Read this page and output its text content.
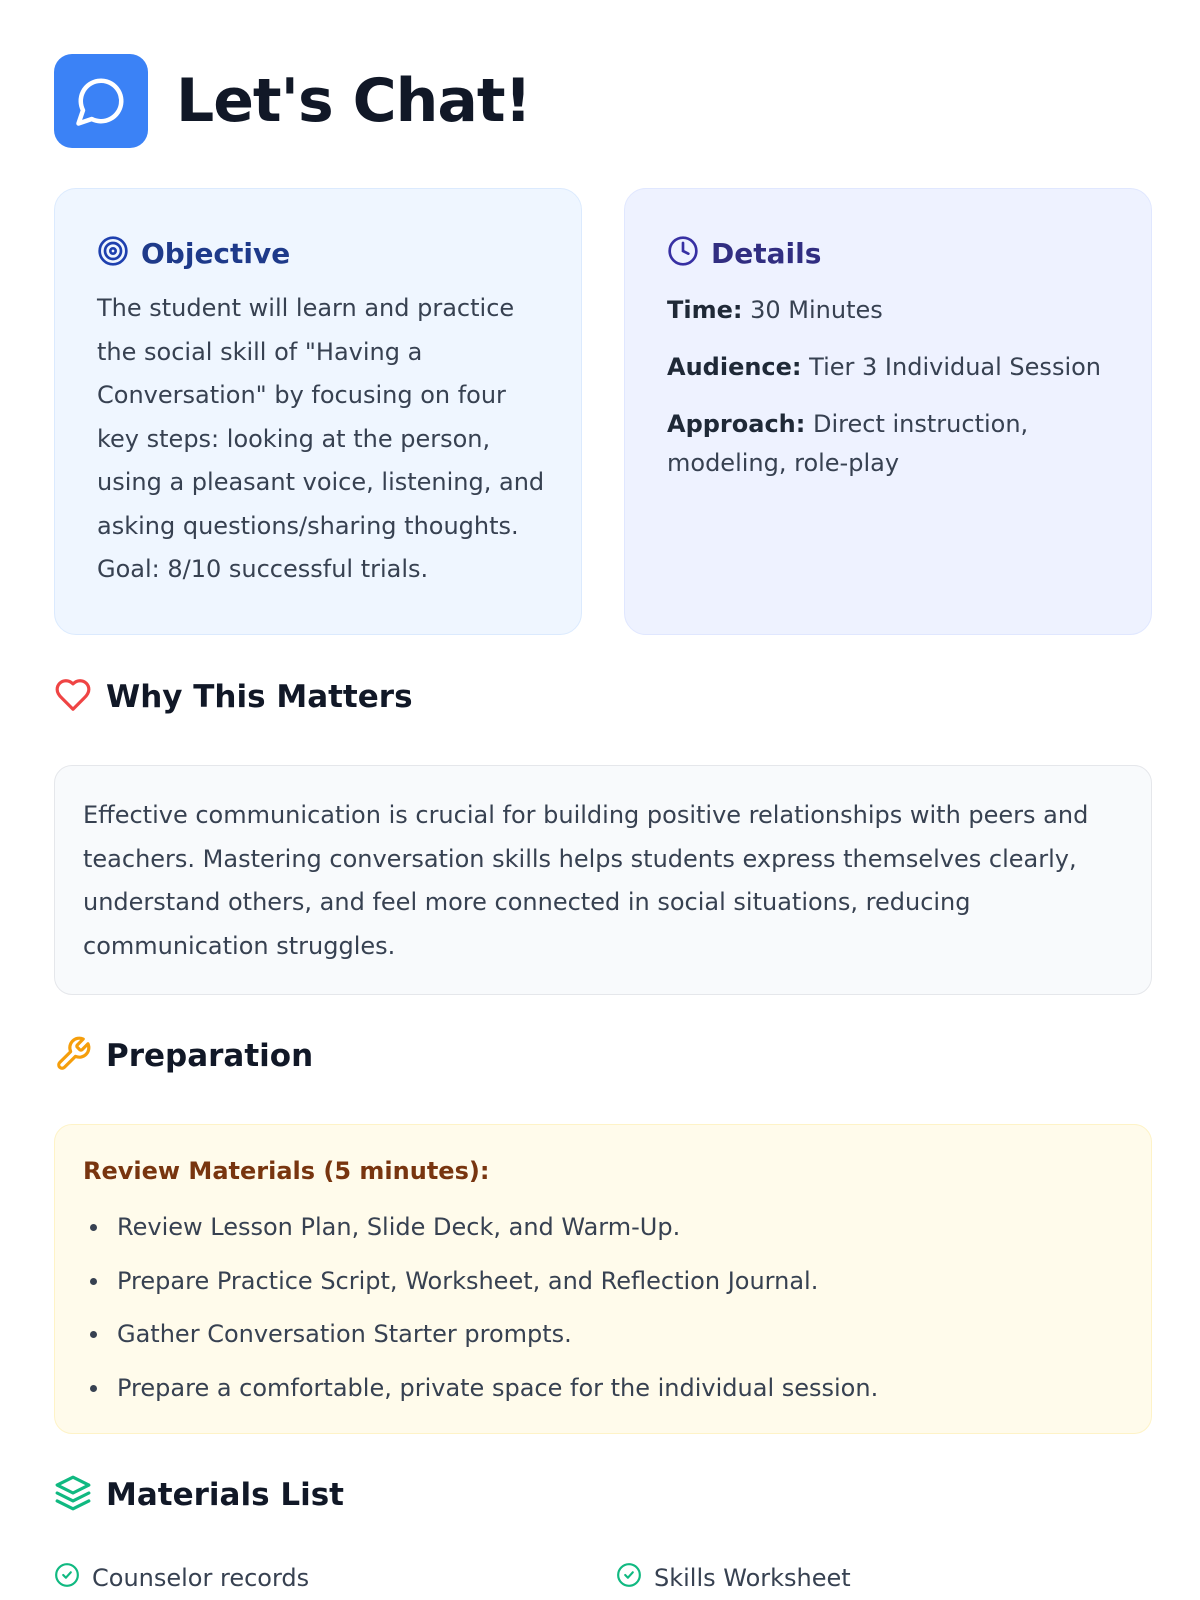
Let's Chat!
Objective

The student will learn and practice the social skill of "Having a Conversation" by focusing on four key steps: looking at the person, using a pleasant voice, listening, and asking questions/sharing thoughts. Goal: 8/10 successful trials.

Details

Time: 30 Minutes

Audience: Tier 3 Individual Session

Approach: Direct instruction, modeling, role-play

Why This Matters

Effective communication is crucial for building positive relationships with peers and teachers. Mastering conversation skills helps students express themselves clearly, understand others, and feel more connected in social situations, reducing communication struggles.

Preparation
Review Materials (5 minutes):
Review Lesson Plan, Slide Deck, and Warm-Up.
Prepare Practice Script, Worksheet, and Reflection Journal.
Gather Conversation Starter prompts.
Prepare a comfortable, private space for the individual session.
Materials List
Counselor records	Skills Worksheet
